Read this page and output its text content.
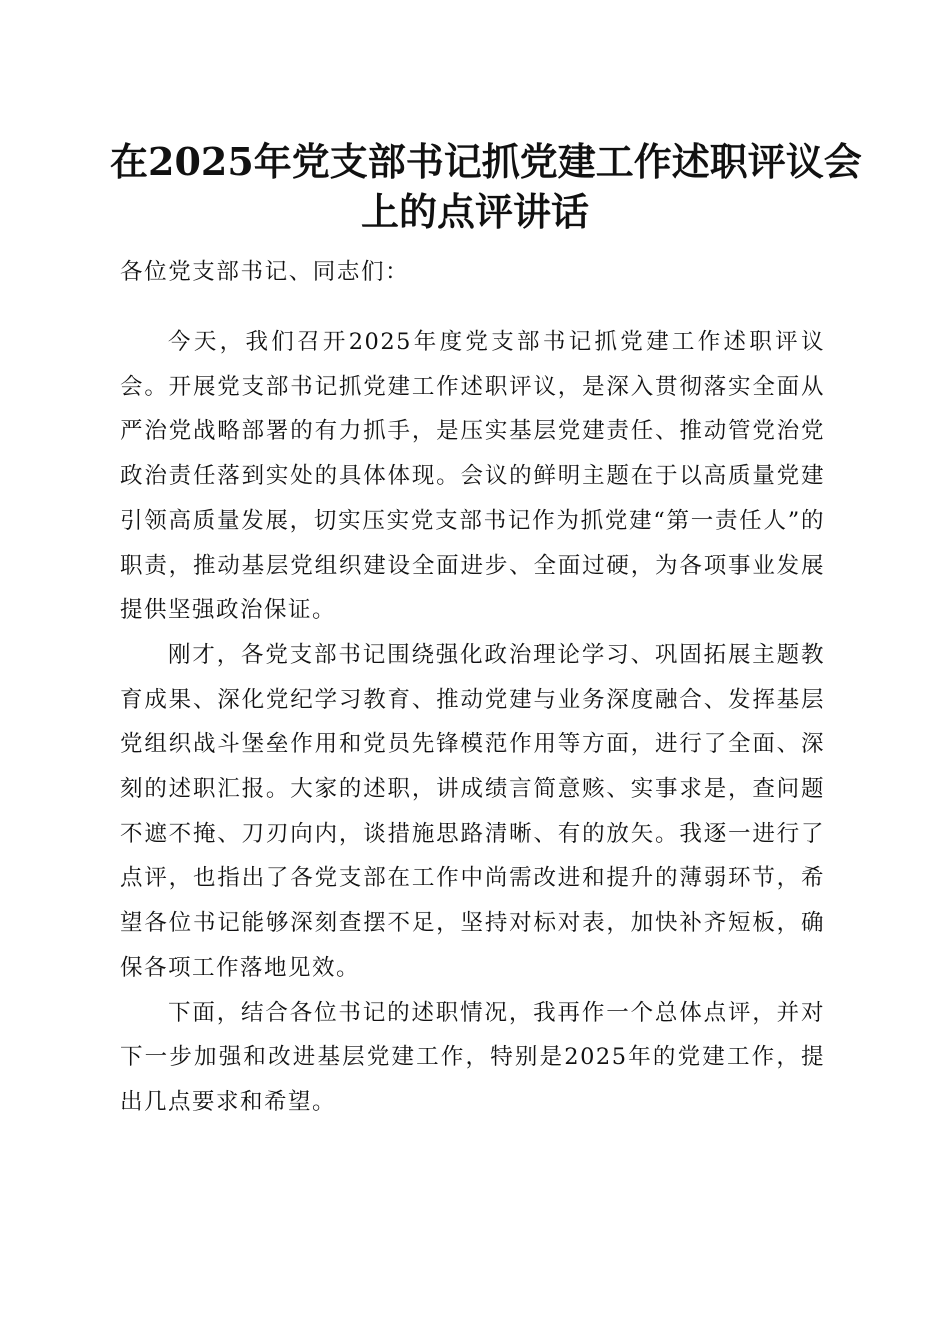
在2025年党支部书记抓党建工作述职评议会
上的点评讲话
各位党支部书记、同志们：

今天，我们召开2025年度党支部书记抓党建工作述职评议会。开展党支部书记抓党建工作述职评议，是深入贯彻落实全面从严治党战略部署的有力抓手，是压实基层党建责任、推动管党治党政治责任落到实处的具体体现。会议的鲜明主题在于以高质量党建引领高质量发展，切实压实党支部书记作为抓党建“第一责任人”的职责，推动基层党组织建设全面进步、全面过硬，为各项事业发展提供坚强政治保证。

刚才，各党支部书记围绕强化政治理论学习、巩固拓展主题教育成果、深化党纪学习教育、推动党建与业务深度融合、发挥基层党组织战斗堡垒作用和党员先锋模范作用等方面，进行了全面、深刻的述职汇报。大家的述职，讲成绩言简意赅、实事求是，查问题不遮不掩、刀刃向内，谈措施思路清晰、有的放矢。我逐一进行了点评，也指出了各党支部在工作中尚需改进和提升的薄弱环节，希望各位书记能够深刻查摆不足，坚持对标对表，加快补齐短板，确保各项工作落地见效。

下面，结合各位书记的述职情况，我再作一个总体点评，并对下一步加强和改进基层党建工作，特别是2025年的党建工作，提出几点要求和希望。
